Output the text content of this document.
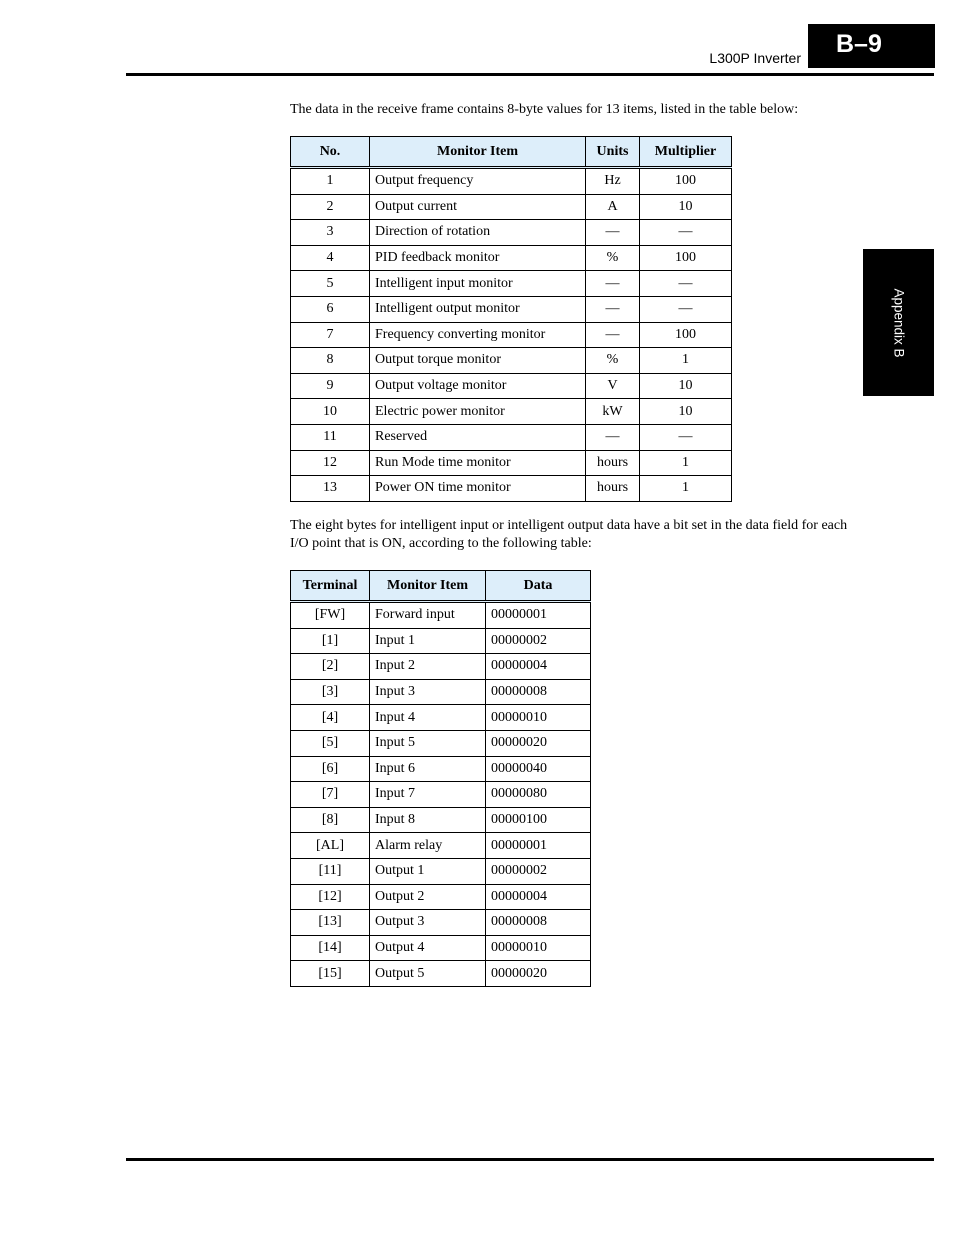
L300P Inverter	B–9
Appendix B

The data in the receive frame contains 8-byte values for 13 items, listed in the table below:

No.	Monitor Item	Units	Multiplier
1	Output frequency	Hz	100
2	Output current	A	10
3	Direction of rotation	—	—
4	PID feedback monitor	%	100
5	Intelligent input monitor	—	—
6	Intelligent output monitor	—	—
7	Frequency converting monitor	—	100
8	Output torque monitor	%	1
9	Output voltage monitor	V	10
10	Electric power monitor	kW	10
11	Reserved	—	—
12	Run Mode time monitor	hours	1
13	Power ON time monitor	hours	1

The eight bytes for intelligent input or intelligent output data have a bit set in the data field for each I/O point that is ON, according to the following table:

Terminal	Monitor Item	Data
[FW]	Forward input	00000001
[1]	Input 1	00000002
[2]	Input 2	00000004
[3]	Input 3	00000008
[4]	Input 4	00000010
[5]	Input 5	00000020
[6]	Input 6	00000040
[7]	Input 7	00000080
[8]	Input 8	00000100
[AL]	Alarm relay	00000001
[11]	Output 1	00000002
[12]	Output 2	00000004
[13]	Output 3	00000008
[14]	Output 4	00000010
[15]	Output 5	00000020
